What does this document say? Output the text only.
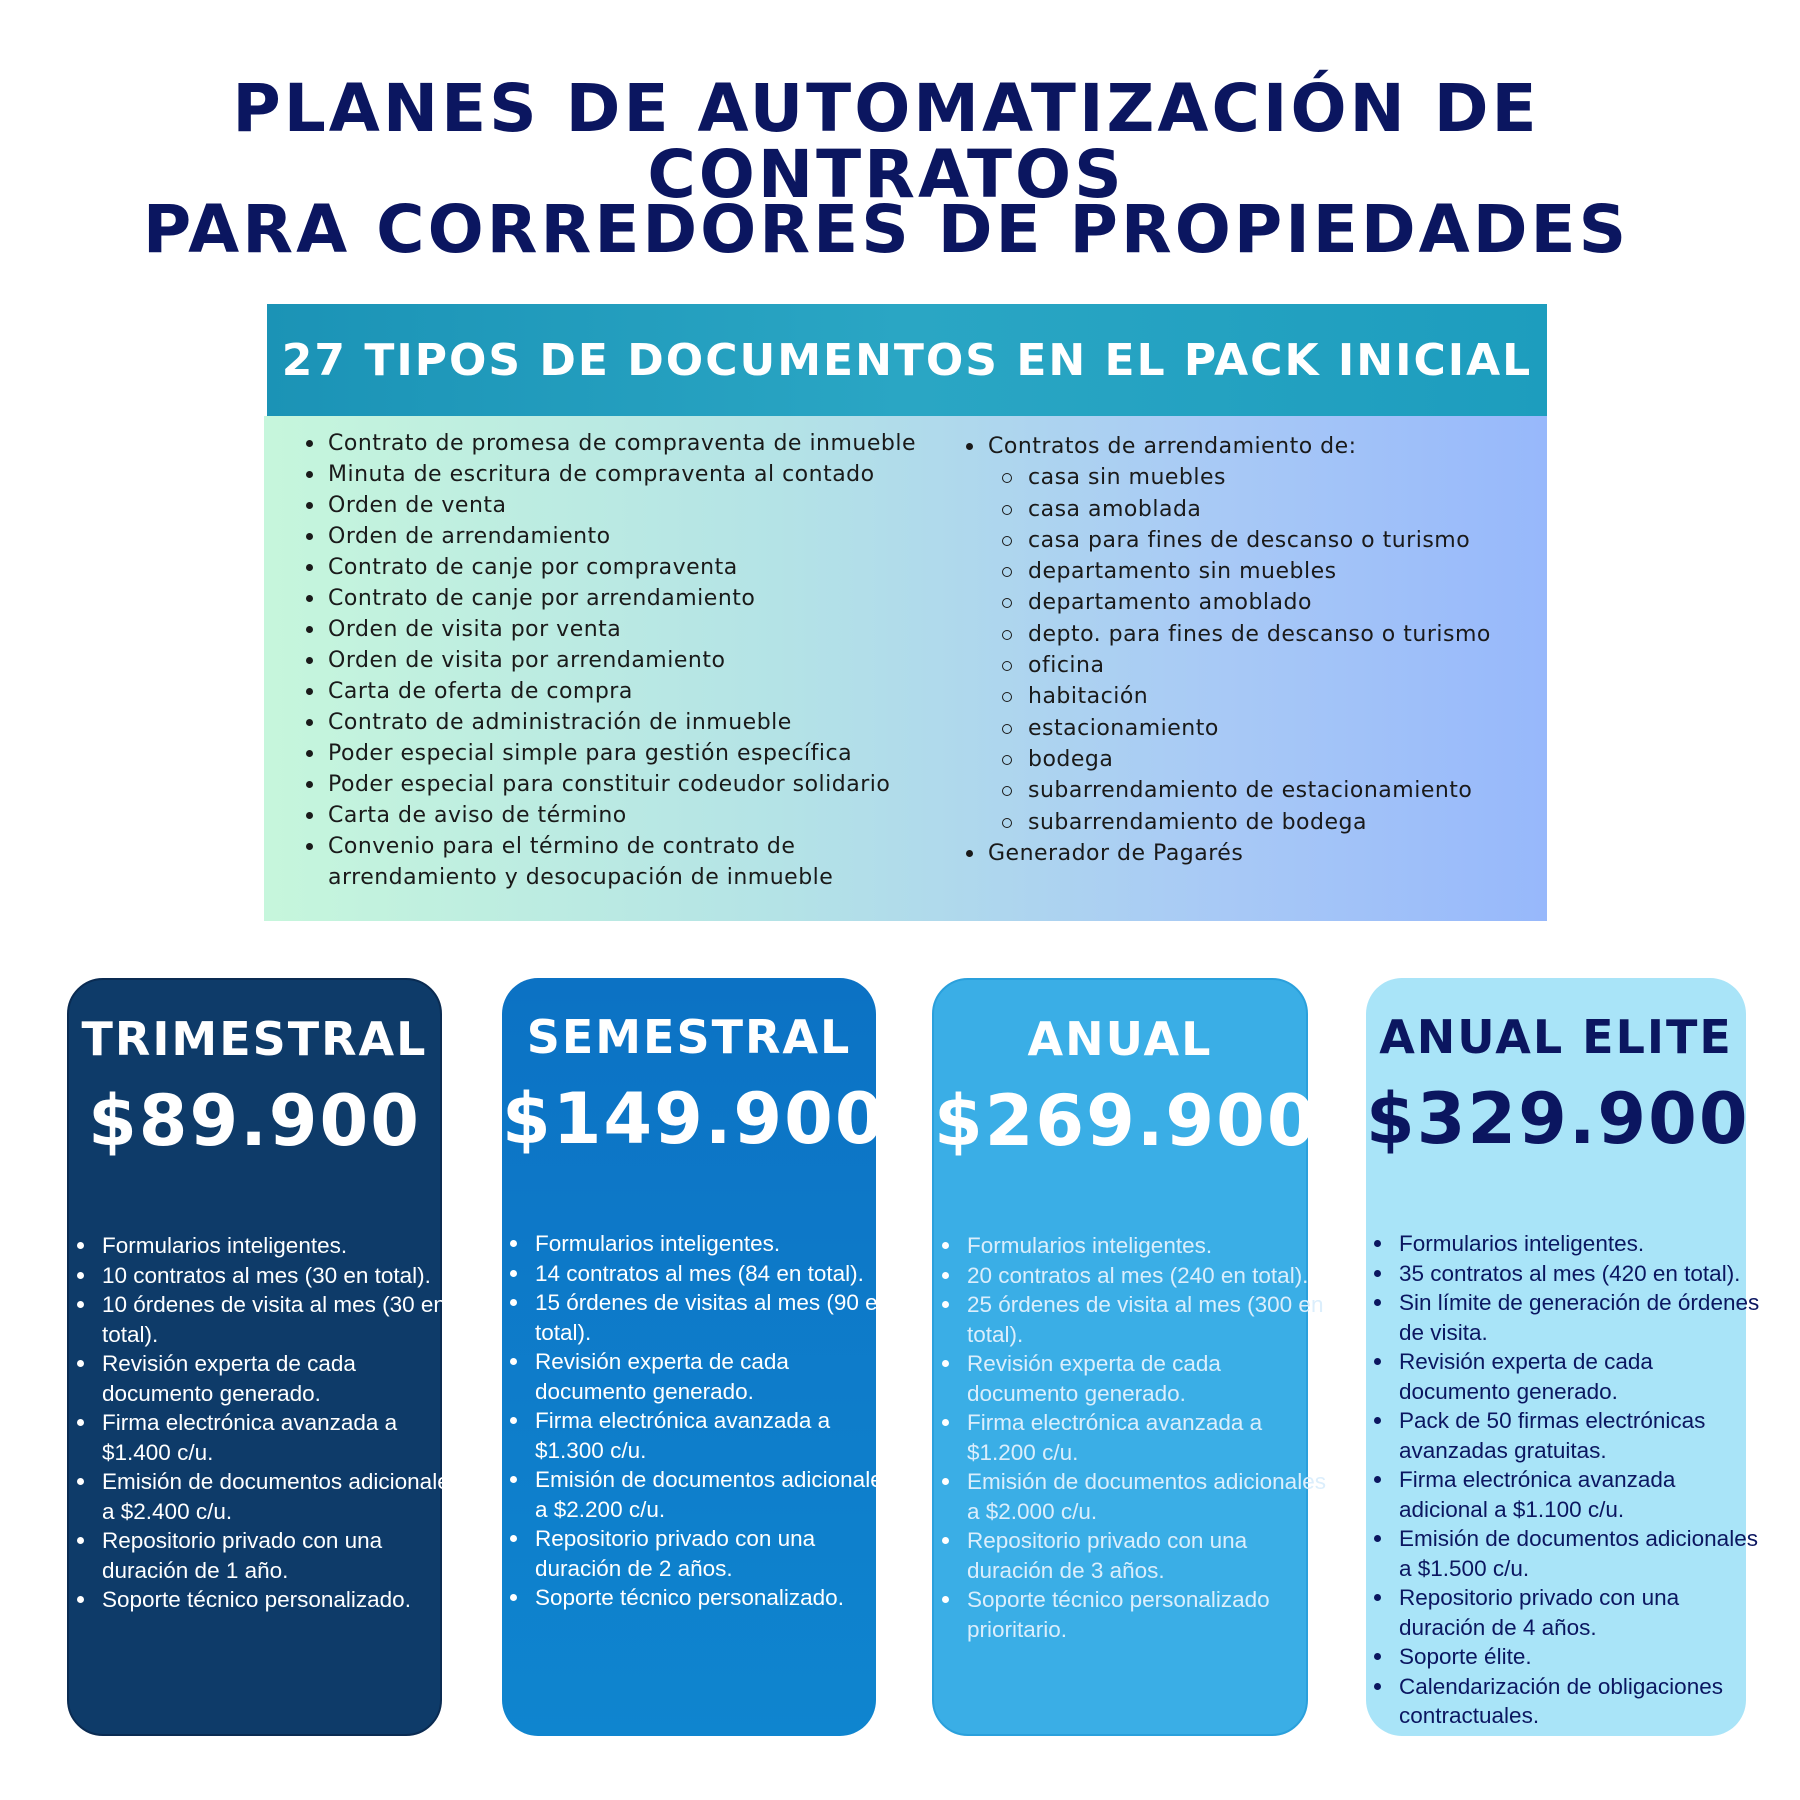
PLANES DE AUTOMATIZACIÓN DE CONTRATOS
PARA CORREDORES DE PROPIEDADES
27 TIPOS DE DOCUMENTOS EN EL PACK INICIAL
Contrato de promesa de compraventa de inmueble
Minuta de escritura de compraventa al contado
Orden de venta
Orden de arrendamiento
Contrato de canje por compraventa
Contrato de canje por arrendamiento
Orden de visita por venta
Orden de visita por arrendamiento
Carta de oferta de compra
Contrato de administración de inmueble
Poder especial simple para gestión específica
Poder especial para constituir codeudor solidario
Carta de aviso de término
Convenio para el término de contrato de
arrendamiento y desocupación de inmueble
Contratos de arrendamiento de:
casa sin muebles
casa amoblada
casa para fines de descanso o turismo
departamento sin muebles
departamento amoblado
depto. para fines de descanso o turismo
oficina
habitación
estacionamiento
bodega
subarrendamiento de estacionamiento
subarrendamiento de bodega
Generador de Pagarés
TRIMESTRAL
$89.900
Formularios inteligentes.
10 contratos al mes (30 en total).
10 órdenes de visita al mes (30 en total).
Revisión experta de cada documento generado.
Firma electrónica avanzada a $1.400 c/u.
Emisión de documentos adicionales a $2.400 c/u.
Repositorio privado con una duración de 1 año.
Soporte técnico personalizado.
SEMESTRAL
$149.900
Formularios inteligentes.
14 contratos al mes (84 en total).
15 órdenes de visitas al mes (90 en total).
Revisión experta de cada documento generado.
Firma electrónica avanzada a $1.300 c/u.
Emisión de documentos adicionales a $2.200 c/u.
Repositorio privado con una duración de 2 años.
Soporte técnico personalizado.
ANUAL
$269.900
Formularios inteligentes.
20 contratos al mes (240 en total).
25 órdenes de visita al mes (300 en total).
Revisión experta de cada documento generado.
Firma electrónica avanzada a $1.200 c/u.
Emisión de documentos adicionales a $2.000 c/u.
Repositorio privado con una duración de 3 años.
Soporte técnico personalizado prioritario.
ANUAL ELITE
$329.900
Formularios inteligentes.
35 contratos al mes (420 en total).
Sin límite de generación de órdenes de visita.
Revisión experta de cada documento generado.
Pack de 50 firmas electrónicas avanzadas gratuitas.
Firma electrónica avanzada adicional a $1.100 c/u.
Emisión de documentos adicionales a $1.500 c/u.
Repositorio privado con una duración de 4 años.
Soporte élite.
Calendarización de obligaciones contractuales.
